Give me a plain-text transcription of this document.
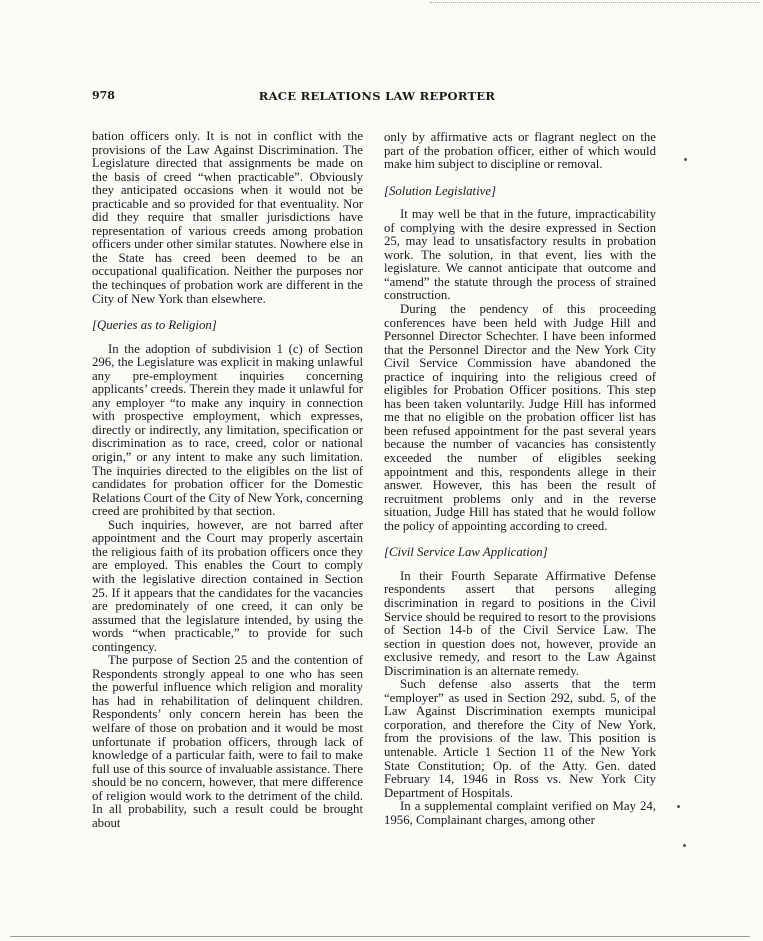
978	RACE RELATIONS LAW REPORTER

bation officers only. It is not in conflict with the provisions of the Law Against Discrimination. The Legislature directed that assignments be made on the basis of creed “when practicable”. Obviously they anticipated occasions when it would not be practicable and so provided for that eventuality. Nor did they require that smaller jurisdictions have representation of various creeds among probation officers under other similar statutes. Nowhere else in the State has creed been deemed to be an occupational qualification. Neither the purposes nor the techinques of probation work are different in the City of New York than elsewhere.

[Queries as to Religion]

In the adoption of subdivision 1 (c) of Section 296, the Legislature was explicit in making unlawful any pre-employment inquiries concerning applicants’ creeds. Therein they made it unlawful for any employer “to make any inquiry in connection with prospective employment, which expresses, directly or indirectly, any limitation, specification or discrimination as to race, creed, color or national origin,” or any intent to make any such limitation. The inquiries directed to the eligibles on the list of candidates for probation officer for the Domestic Relations Court of the City of New York, concerning creed are prohibited by that section.

Such inquiries, however, are not barred after appointment and the Court may properly ascertain the religious faith of its probation officers once they are employed. This enables the Court to comply with the legislative direction contained in Section 25. If it appears that the candidates for the vacancies are predominately of one creed, it can only be assumed that the legislature intended, by using the words “when practicable,” to provide for such contingency.

The purpose of Section 25 and the contention of Respondents strongly appeal to one who has seen the powerful influence which religion and morality has had in rehabilitation of delinquent children. Respondents’ only concern herein has been the welfare of those on probation and it would be most unfortunate if probation officers, through lack of knowledge of a particular faith, were to fail to make full use of this source of invaluable assistance. There should be no concern, however, that mere difference of religion would work to the detriment of the child. In all probability, such a result could be brought about

only by affirmative acts or flagrant neglect on the part of the probation officer, either of which would make him subject to discipline or removal.

[Solution Legislative]

It may well be that in the future, impracticability of complying with the desire expressed in Section 25, may lead to unsatisfactory results in probation work. The solution, in that event, lies with the legislature. We cannot anticipate that outcome and “amend” the statute through the process of strained construction.

During the pendency of this proceeding conferences have been held with Judge Hill and Personnel Director Schechter. I have been informed that the Personnel Director and the New York City Civil Service Commission have abandoned the practice of inquiring into the religious creed of eligibles for Probation Officer positions. This step has been taken voluntarily. Judge Hill has informed me that no eligible on the probation officer list has been refused appointment for the past several years because the number of vacancies has consistently exceeded the number of eligibles seeking appointment and this, respondents allege in their answer. However, this has been the result of recruitment problems only and in the reverse situation, Judge Hill has stated that he would follow the policy of appointing according to creed.

[Civil Service Law Application]

In their Fourth Separate Affirmative Defense respondents assert that persons alleging discrimination in regard to positions in the Civil Service should be required to resort to the provisions of Section 14-b of the Civil Service Law. The section in question does not, however, provide an exclusive remedy, and resort to the Law Against Discrimination is an alternate remedy.

Such defense also asserts that the term “employer” as used in Section 292, subd. 5, of the Law Against Discrimination exempts municipal corporation, and therefore the City of New York, from the provisions of the law. This position is untenable. Article 1 Section 11 of the New York State Constitution; Op. of the Atty. Gen. dated February 14, 1946 in Ross vs. New York City Department of Hospitals.

In a supplemental complaint verified on May 24, 1956, Complainant charges, among other
